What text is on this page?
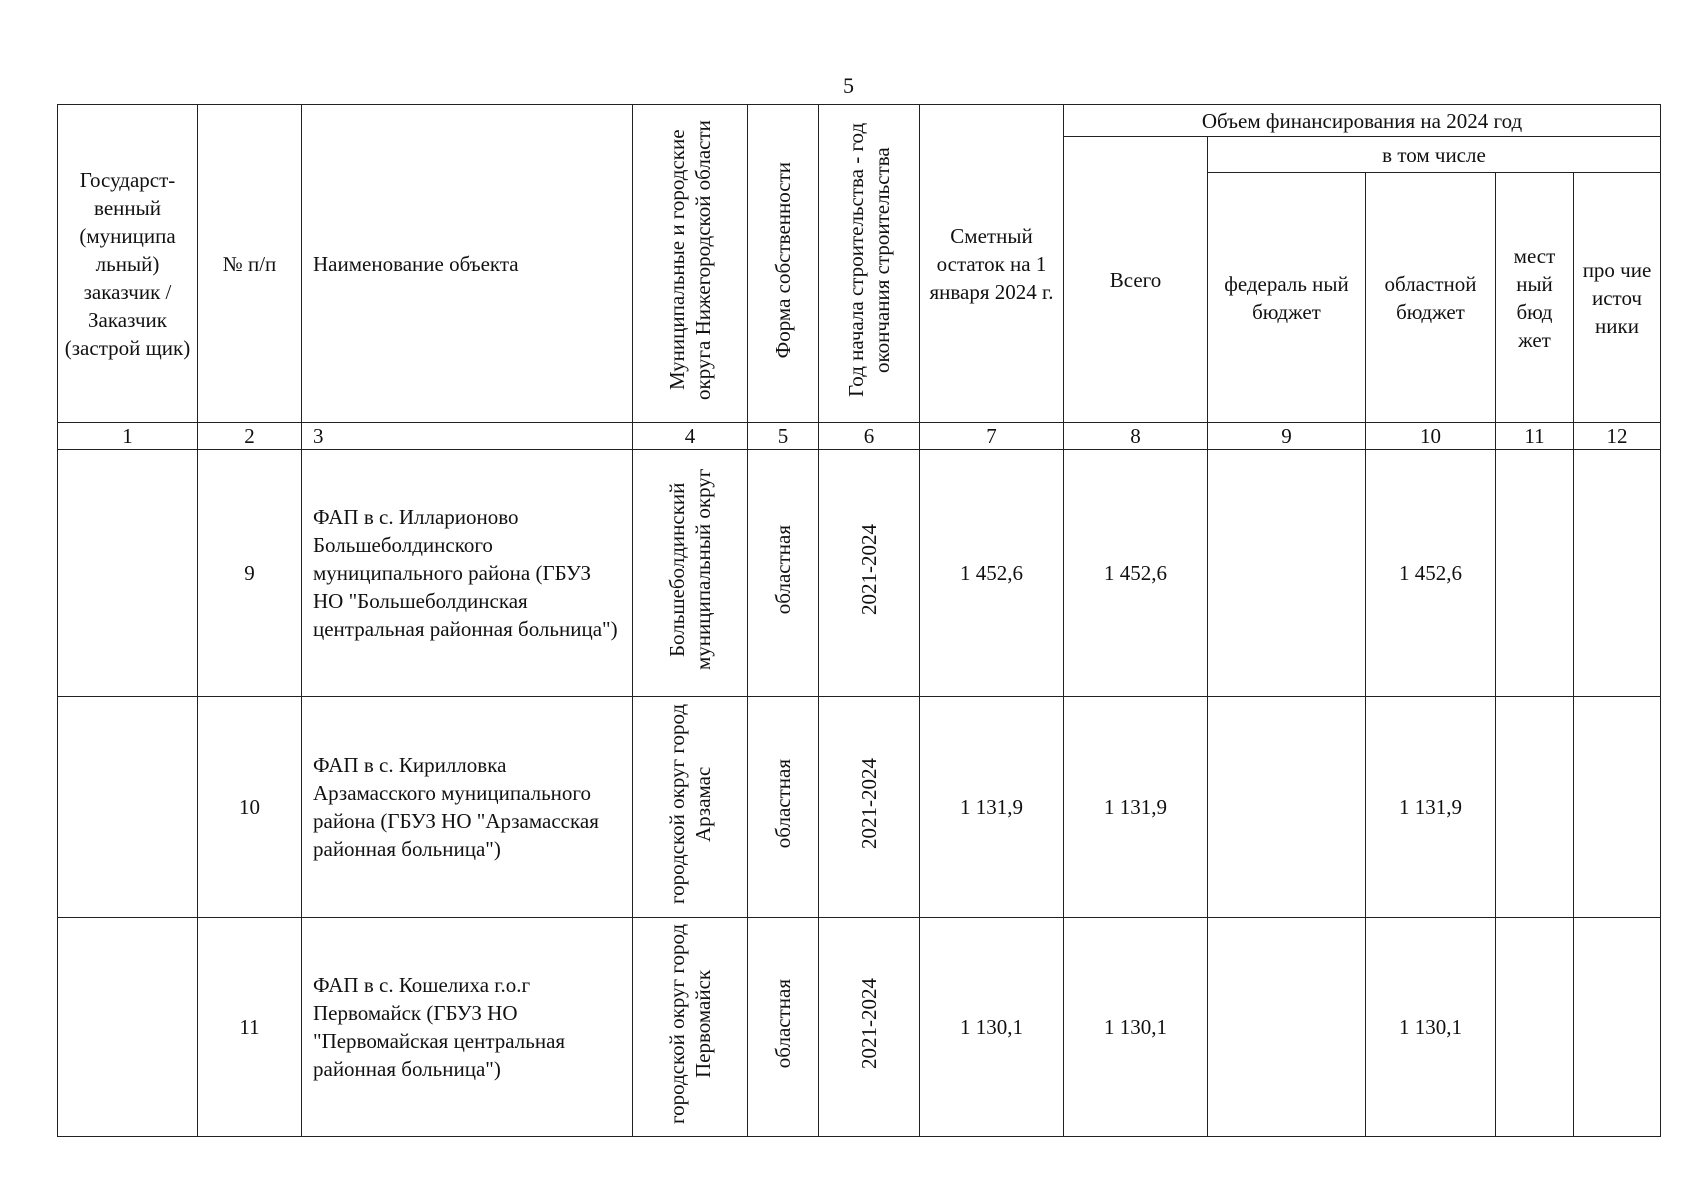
5
Государст-венный (муниципа льный) заказчик / Заказчик (застрой щик)	№ п/п	Наименование объекта	Муниципальные и городские округа Нижегородской области	Форма собственности	Год начала строительства - год окончания строительства	Сметный остаток на 1 января 2024 г.	Объем финансирования на 2024 год				
							Всего	в том числе			

								федераль ный бюджет	областной бюджет	мест ный бюд жет	про чие источ ники

1	2	3	4	5	6	7	8	9	10	11	12
	9	ФАП в с. Илларионово Большеболдинского муниципального района (ГБУЗ НО "Большеболдинская центральная районная больница")	Большеболдинский муниципальный округ	областная	2021-2024	1 452,6	1 452,6		1 452,6		
	10	ФАП в с. Кирилловка Арзамасского муниципального района (ГБУЗ НО "Арзамасская районная больница")	городской округ город Арзамас	областная	2021-2024	1 131,9	1 131,9		1 131,9		
	11	ФАП в с. Кошелиха г.о.г Первомайск (ГБУЗ НО "Первомайская центральная районная больница")	городской округ город Первомайск	областная	2021-2024	1 130,1	1 130,1		1 130,1		
